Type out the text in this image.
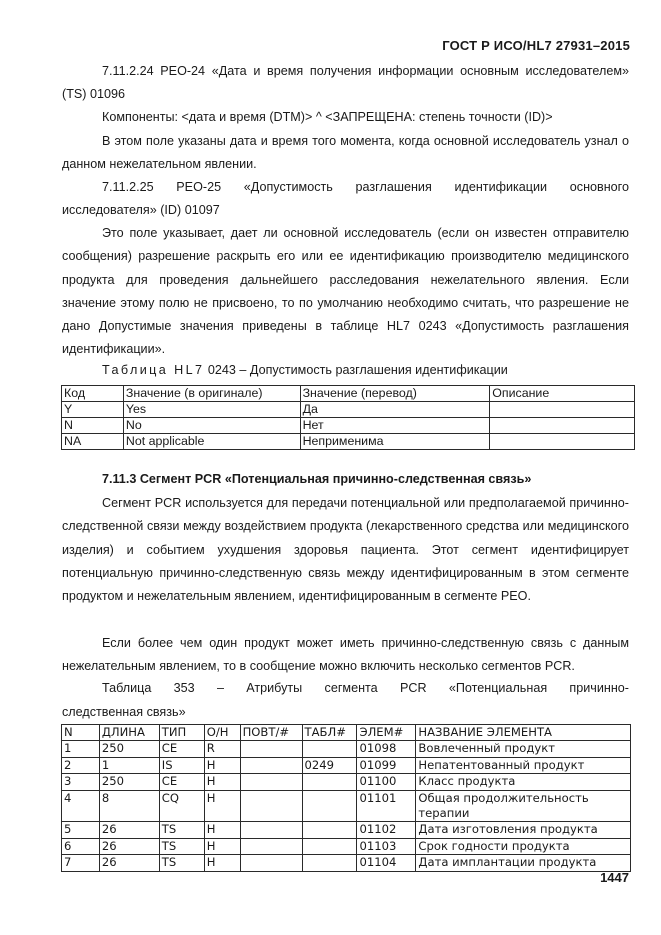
ГОСТ Р ИСО/HL7 27931–2015
7.11.2.24 PEO-24 «Дата и время получения информации основным исследователем» (TS) 01096
Компоненты: <дата и время (DTM)> ^ <ЗАПРЕЩЕНА: степень точности (ID)>
В этом поле указаны дата и время того момента, когда основной исследователь узнал о данном нежелательном явлении.
7.11.2.25 PEO-25 «Допустимость разглашения идентификации основного исследователя» (ID) 01097
Это поле указывает, дает ли основной исследователь (если он известен отправителю сообщения) разрешение раскрыть его или ее идентификацию производителю медицинского продукта для проведения дальнейшего расследования нежелательного явления. Если значение этому полю не присвоено, то по умолчанию необходимо считать, что разрешение не дано Допустимые значения приведены в таблице HL7 0243 «Допустимость разглашения идентификации».
Таблица HL7 0243 – Допустимость разглашения идентификации
Код	Значение (в оригинале)	Значение (перевод)	Описание
Y	Yes	Да	
N	No	Нет	
NA	Not applicable	Неприменима	
7.11.3 Сегмент PCR «Потенциальная причинно-следственная связь»
Сегмент PCR используется для передачи потенциальной или предполагаемой причинно-следственной связи между воздействием продукта (лекарственного средства или медицинского изделия) и событием ухудшения здоровья пациента. Этот сегмент идентифицирует потенциальную причинно-следственную связь между идентифицированным в этом сегменте продуктом и нежелательным явлением, идентифицированным в сегменте PEO.
Если более чем один продукт может иметь причинно-следственную связь с данным нежелательным явлением, то в сообщение можно включить несколько сегментов PCR.
Таблица 353 – Атрибуты сегмента PCR «Потенциальная причинно-
следственная связь»
N	ДЛИНА	ТИП	О/Н	ПОВТ/#	ТАБЛ#	ЭЛЕМ#	НАЗВАНИЕ ЭЛЕМЕНТА
1	250	CE	R			01098	Вовлеченный продукт
2	1	IS	H		0249	01099	Непатентованный продукт
3	250	CE	H			01100	Класс продукта
4	8	CQ	H			01101	Общая продолжительность терапии
5	26	TS	H			01102	Дата изготовления продукта
6	26	TS	H			01103	Срок годности продукта
7	26	TS	H			01104	Дата имплантации продукта
1447
